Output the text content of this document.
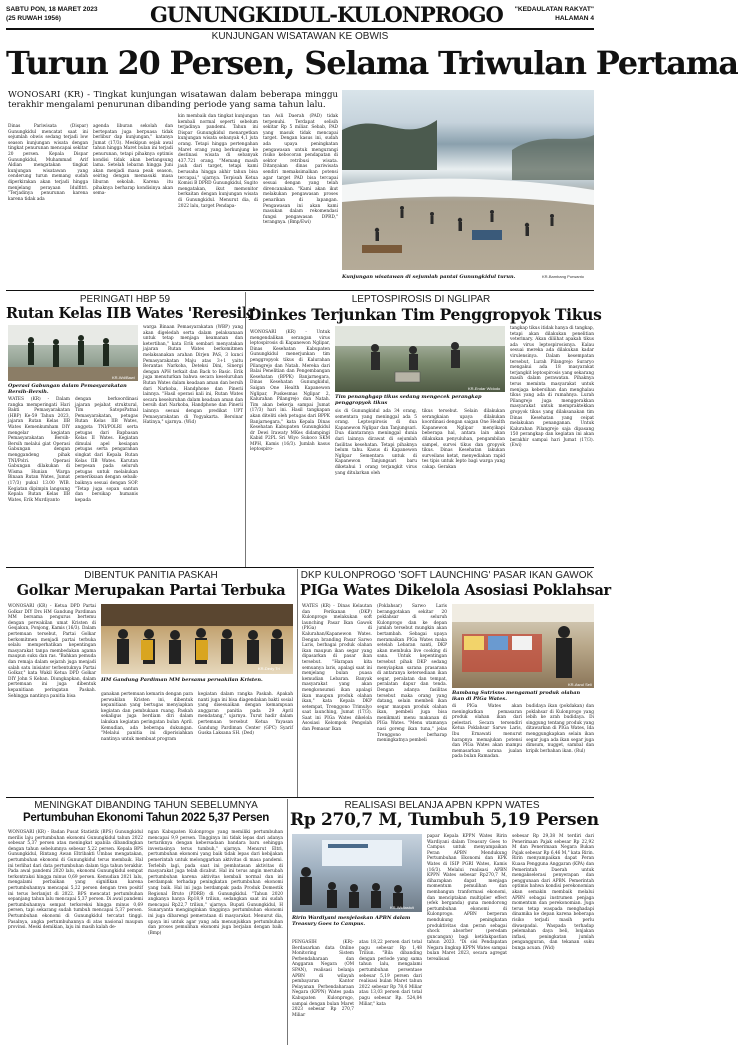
SABTU PON, 18 MARET 2023
(25 RUWAH 1956)	GUNUNGKIDUL-KULONPROGO "KEDAULATAN RAKYAT"
HALAMAN 4
KUNJUNGAN WISATAWAN KE OBWIS
Turun 20 Persen, Selama Triwulan Pertama
WONOSARI (KR) - Tingkat kunjungan wisatawan dalam beberapa minggu terakhir mengalami penurunan dibanding periode yang sama tahun lalu.
Dinas Pariwisata (Dispar) Gunungkidul mencatat saat ini sejumlah obwis sedang terjadi low season kunjungan wisata dengan tingkat penurunan mencapai sekitar 20 persen. Kepala Dispar Gunungkidul, Muhammad Arif Aldian mengatakan tingkat kunjungan wisatawan yang cenderung turun memang sudah diperkirakan akan terjadi hingga menjelang perayaan Idulfitri. "Terjadinya penurunan karena karena tidak ada
agenda liburan sekolah dan bertepatan juga berpuasa tidak berlibur dap kunjungan," katanya Jumat (17/3). Meskipun sejak awal tahun hingga Maret bulan ini terjadi penurunan, tetapi pihaknya optimis kondisi tidak akan berlangsung lama. Setelah lebaran hingga Juni akan menjadi masa peak season, seiring dengan memasuki masa liburan sekolah. Karena itu pihaknya berharap kondisinya akan sema-
kin membaik dan tingkat kunjungan kembali normal seperti sebelum terjadinya pandemi. Tahun ini Dispar Gunungkidul menargetkan kunjungan wisata sebanyak 4,1 juta orang. Tetapi hingga pertengahan Maret orang yang berkunjung ke destinasi wisata di sebanyak 437.721 orang. "Memang masih jauh dari target, tetapi kami berusaha hingga akhir tahun bisa tercapai," ujarnya. Terpisah Ketua Komisi B DPRD Gunungkidul, Sugito mengatakan, ikut memonitor berkaitan dengan kunjungan wisata di Gunungkidul. Menurut dia, di 2022 lalu, target Pendapa-
tan Asli Daerah (PAD) tidak terpenuhi. Terdapat selisih sekitar Rp 5 miliar. Sebab, PAD yang masuk tidak mencapai target. Dengan kasus ini, sudah ada upaya peningkatan pengawasan untuk mengurangi risiko kebocoran pendapatan di sektor retribusi wisata. Ditanyakan dinas pariwisata sendiri memaksimalkan potensi agar target PAD bisa tercapai sesuai dengan yang telah direncanakan. "Kami akan ikut melakukan pengawasan proses penarikan di lapangan. Pengawasan ini akan kami masukan dalam rekomendasi fungsi pengawasan DPRD," terangnya. (Bmp/Ewi)
Kunjungan wisatawan di sejumlah pantai Gunungkidul turun.	KR-Bambang Purwanto
PERINGATI HBP 59
Rutan Kelas IIB Wates 'Reresik'
KR-Wd/Bawi
Operasi Gabungan dalam Pemasyarakatan Bersih-Bersih.
WATES (KR) - Dalam rangka memperingati Hari Bakti Pemasyarakatan (HBP) Ke-59 Tahun 2023, jajaran Rutan Kelas IIB Wates Kemenkumham DIY mengelar kegiatan Pemasyarakatan Bersih-Bersih melalui giat Operasi Gabungan dengan menggandeng pihak TNI/Polri. Operasi Gabungan dilakukan di Wisma Hunian Warga Binaan Rutan Wates, Jumat (17/3) pukul 13.00 WIB. Kegiatan dipimpin langsung Kepala Rutan Kelas IIB Wates, Erik Murdiyanto
dengan berkoordinasi jajaran pejabat struktural, Tim SatopsPatnal Pemasyarakatan, petugas Rutan Kelas IIB Wates, anggota TNI/POLRI serta petugas dari Bapbasan Kelas II Wates. Kegiatan dimulai apel kesiapan petugas serta pengarahan singkat dari Kepala Rutan Kelas IIB Wates. Karutan berpesan pada seluruh petugas untuk melakukan pemeriksaan dengan sebaik-baiknya sesuai dengan SOP. "Tetap juga sopan santun dan bersikap humanis kepada
warga Binaan Pemasyarakatan (WBP) yang akan digeledah serta dalam pelaksanaan untuk tetap menjaga keamanan dan ketertiban," kata Erik sembari menyatakan jajaran Rutan Wates berkomitmen melaksanakan arahan Dirjen PAS, 3 kunci Pemasyarakatan Maju atas 3+1 yaitu Berantas Narkoba, Deteksi Dini, Sinergi dengan APH terkait dan Back to Basic. Erik juga menuturkan bahwa secara keseluruhan Rutan Wates dalam keadaan aman dan bersih dari Narkoba, Handphone dan Pinerii lainnya. "Hasil operasi kali ini, Rutan Wates secara keseluruhan dalam keadaan aman dan bersih dari Narkoba, Handphone dan Pinerii lainnya sesuai dengan predikat UPT Pemasyarakatan di Yogyakarta. Bersinar Hatinya," ujarnya. (Wid)
LEPTOSPIROSIS DI NGLIPAR
Dinkes Terjunkan Tim Penggropyok Tikus
WONOSARI (KR) - Untuk mengendalikan serangan virus leptospirosis di Kapanewon Nglipar, Dinas Kesehatan Kabupaten Gunungkidul menerjunkan tim penggropyok tikus di Kalurahan Pilangrejo dan Natah. Mereka dari Balai Penelitian dan Pengembangan Kesehatan (BPPK) Banjarnegara, Dinas Kesehatan Gunungkidul, Saigan One Health Kapanewon Nglipar, Puskesmas Nglipar 2, Kalurahan Pilangrejo dan Natah. Tim akan bekerja sampai Jumat (17/3) hari ini. Hasil tangkapan akan diteliti oleh petugas dari BPPK Banjarnegara," kata Kepala Dinas Kesehatan Kabupaten Gunungkidul dr Dewi Irawaty MKes didampingi Kabid P2PL Sri Wiyo Sukoco SKM MPH, Kamis (16/3). Jumlah kasus leptospiro-
KR-Endar Widodo
Tim penanghgap tikus sedang mengecek perangkap penggropyok tikus
sis di Gunungkidul ada 34 orang, sementara yang meninggal ada 5 orang. Leptospirosis di dua Kapanewon Nglipar dan Tanjungsari. Dua diantaranya meninggal dunia dari lainnya dirawat di sejumlah fasilitas kesehatan. Tetapi pihaknya belum tahu. Kasus di Kapanewon Nglipar Sementara untuk di Kapanewon Tanjungsari baru diketahui 1 orang terjangkit virus yang ditularkan oleh
tikus tersebut. Selain dilakukan serangkaian upaya dilakukan koordinasi dengan saigan One Health Kapanewon Nglipar menyikapi beberapa hal, antara lain akan dilakukan penyuluhan, pengambilan sampel, survei tikus dan gropyok tikus. Dinas Kesehatan lakukan surveilans ketat, menyediakan rapid tes tipis untuk Iepto bagi warga yang cakap. Gerakan
tangkap tikus itidak hanya di tangkap, tetapi akan dilakukan penelitian veterinary. Akan diliihat apakah tikus ada virus leptospirosisnya. Kalau sesuai mereka ada dilakukan kadar virulensinya. Dalam kesempatan tersebut, Lurah Pilangrejo Suraryo mengakui ada 18 masyarakat terjangkit leptospirosis yang sekarang masih dalam perawatan. Pihaknya terus meminta masyarakat untuk menjaga kebersihan dan menghalau tikus yang ada di rumahnya. Lurah Pilangrejo juga menggerakkan masyarakat untuk mempraktekkan gropyok tikus yang dilaksanakan tim Dinas Kesehatan yang ceipat melakukan penanganan. Untuk Kalurahan Pilangrejo saja dipasang 150 perangkap dan kegiatan ini akan berakhir sampai hari Jumat (17/3). (Ewi)
DIBENTUK PANITIA PASKAH
Golkar Merupakan Partai Terbuka
WONOSARI (KR) - Ketua DPD Partai Golkar DIY Drs HM Gandung Pardiman MM bersama pengurus bertemu dengan perwakilan umat Kristen di Gesjakun, Ponjong, Kamis (16/3). Dalam pertemuan tersebut, Partai Golkar berkomitmen menjadi partai terbuka selalu memperhatikan kepentingan masyarakat tanpa membedakan agama maupun suku dan ras. "Bahkan pemuda dan remaja dalam sejarah juga menjadi salah satu inisiator terbentuknya Partai Golkar," kata Wakil Ketua DPD Golkar DIY John S Keban. Diungkapkan, dalam pertemuan ini juga dibentuk kepanitiaan peringatan Paskah. Sehingga nantinya panitia bisa
KR-Dedy Tri
HM Gandung Pardiman MM bersama perwakilan Kristen.
ganakan pertemuan kemarin dengan para perwakilan Kristen ini, dibentuk kepanitiaan yang bertugas menyiapkan kegiatan dan pembukaan ruang. Paskah sekaligus juga berdiam diri dalam lakukan kegiatan peringatan bulan April. Kemudian, ada beberapa dukungan. "Melalui panitia ini diperisiahkan nantinya untuk membuat program
kegiatan dalam rangka Paskah. Apakah nanti juga ini bisa diagendakan bakti sosial yang disesuaikan dengan kemampuan anggaran panitia pada 29 April mendatang," ujarnya. Turut hadir dalam pertemuan tersebut Ketua Yayasan Gandung Pardiman Center (GPC) Syarif Guska Laksana SH. (Ded)
DKP KULONPROGO 'SOFT LAUNCHING' PASAR IKAN GAWOK
PIGa Wates Dikelola Asosiasi Poklahsar
WATES (KR) - Dinas Kelautan dan Perikanan (DKP) Kulonprogo melakukan soft launching Pasar Ikan Gawok (PIGa) di Kalurahan/Kapanewon Wates. Dengan branding Pasar Sarwo Laris, berbagai produk olahan ikan maupun ikan segar yang dipasarkan di pasar ikan tersebut. "Harapan kita semuanya laris, apalagi saat ini menjelang bulan puasa kemudian Lebaran. Banyak masyarakat yang akan mengkonsumsi ikan apalagi ikan maupun produk olahan ikan," kata Kepala DKP setempat, Trenggono Trimulyo saat launching, Jumat (17/3). Saat ini PIGa Wates dikelola Asosiasi Kelompok Pengolah dan Pemasar Ikan
(Poklahsar) Sarwo Laris beranggotakan sekitar 20 poklahsar di seluruh Kulonprogo dan ke depan jumlah tersebut mungkin akan bertambah. Sebagai upaya meramaikan PIGa Wates maka setelah Lebaran nanti, DKP akan membuka live cooking di sana. Untuk kepentingan tersebut pihak DKP sedang menyiapkan sarana prasarana di antaranya ketersediaan ikan segar, peralatan dan tempat, peralatan dapur dan tenda. Dengan adanya fasilitas tersebut maka orang yang datang, selain membeli ikan segar maupun produk olahan ikan, pembeli juga bisa menikmati menu makanan di PIGa Wates. "Menu utamanya nasi goreng ikan tuna," jelas Trenggono berharap meningkatnya pembeli
KR-Asrul Seli
Bambang Sutrisno mengamati produk olahan ikan di PIGa Wates.
di PIGa Wates akan meningkatkan pemasaran produk olahan ikan dari pelestari. Secara tersendiri Ketua Poklahsar Sarwo Laris, Ibu Ernawati menurut harapnya memajukan potensi dan PIGa Wates akan mampu memasarkan sarana jualan pada bulan Ramadan.
budidaya ikan (pokdakan) dan poklahsar di Kulonprogo yang lebih ke arah budidaya. Di singgung tentang produk yang ditawarkan di PIGa Wates, Ida menggungkapkan selain ikan segar juga ada ikan segar juga dimsum, nugget, sambal dan kripik berbahan ikan. (Rul)
MENINGKAT DIBANDING TAHUN SEBELUMNYA
Pertumbuhan Ekonomi Tahun 2022 5,37 Persen
WONOSARI (KR) - Badan Pusat Statistik (BPS) Gunungkidul merilis laju pertumbuhan ekonomi Gunungkidul tahun 2022 sebesar 5,37 persen atau meningkat apabila dibandingkan dengan tahun sebelumnya sebesar 5,22 persen. Kepala BPS Gunungkidul, Rintang Awan Eltribakti Umbas mengatakan, pertumbuhan ekonomi di Gunungkidul terus membaik. Hal ini terlihat dari data pertumbuhan dalam tiga tahun terakhir. Pada awal pandemi 2020 lalu, ekonomi Gunungkidul sempat terkontraksi hingga minus 0,69 persen. Kemudian 2021 lalu, mengalami perbaikan yang signifikan karena pertumbuhannya mencapai 5,22 persen dengan tren positif ini terus berlanjut di 2022. BPS mencatat pertumbuhan sepanjang tahun lalu mencapai 5,37 persen. Di awal pandemi pertumbuhannya sempat terkoreksi hingga minus 0,69 persen, tapi sekarang sudah tumbuh mencapai 5,37 persen. Pertumbuhan ekonomi di Gunungkidul tercatat tinggi. Pasalnya, angka pertumbuhannya di atas nasional maupun provinsi. Meski demikian, laju ini masih kalah de-
ngan Kabupaten Kulonprogo yang memiliki pertumbuhan mencapai 9,9 persen. Tingginya ini tidak lepas dari adanya tertariknya dengan kebersadaan bandara baru sehingga investasinya terus tumbuh," ujarnya. Menurut Eltri, pertumbuhan ekonomi yang baik tidak lepas dari kebijakan pemerintah untuk melonggarkan aktivitas di masa pandemi. Terlebih lagi, pada saat ini pembatasan aktivitas di masyarakat juga telah dicabut. Hal ini terus angin merubah pertumbuhan karena aktivitas kembali normal dan ini berdampak terhadap peningkatan pertumbuhan ekonomi yang baik. Hal ini juga berdampak pada Produk Domestik Regional Bruto (PDRB) di Gunungkidul. "Tahun 2020 angkanya hanya Rp18,9 triliun, sedangkan saat ini sudah mencapai Rp22,7 triliun," ujarnya. Bupati Gunungkidul, H Sunaryanta menginginkan tingginya pertumbuhan ekonomi ini juga dibarengi pemerataan di masyarakat. Menurut dia, upaya ini untuk agar yang ada menunjukkan pertumbuhan dan proses pemulihan ekonomi juga berjalan dengan baik. (Bmp)
REALISASI BELANJA APBN KPPN WATES
Rp 270,7 M, Tumbuh 5,19 Persen
KR-Widiastuti
Ririn Wardiyani menjelaskan APBN dalam Treasury Goes to Campus.
PENGASIH (KR)-Berdasarkan data Online Monitoring Sistem Perbendaharaan dan Anggaran Negara (OM SPAN), realisasi belanja APBN di wilayah pembayaran Kantor Pelayanan Perbendaharaan Negara (KPPN) Wates pada Kabupaten Kulonprogo, sampai dengan bulan Maret 2023 sebesar Rp 270,7 Miliar
atau 18,22 persen dari total pagu sebesar Rp 1,48 Triliun. "Bila dibanding dengan periode yang sama tahun lalu, mengalami pertumbuhan persentase sebesar 5,19 persen dari realisasi bulan Maret tahun 2022 sebesar Rp 78,6 Miliar atau 13,03 persen dari total pagu sebesar Rp. 524,84 Miliar," kata
papar Kepala KPPN Wates Ririn Wardiyani dalam Treasury Goes to Campus untuk menyampaikan Peran APBN Mendukung Pertumbuhan Ekonomi dan KPK Wates di ISIP PGRI Wates, Kamis (16/3). Melalui realisasi APBN KPPN Wates sebesar Rp270,7 M, diharapkan dapat menjaga momentum pemulihan dan membangun tranformasi ekonomi, dan menciptakan multiplier effect (efek berganda) guna mendorong pertumbuhan ekonomi di Kulonprogo. APBN berperan mendukung peningkatan produktivitas dan peran sebagai shock absorber (peredam guncangan) bagi ketidakpastian tahun 2023. "Di sisi Pendapatan Negara lingkup KPPN Wates sampai bulan Maret 2023, secara agregat terealisasi
sebesar Rp 29,38 M terdiri dari Penerimaan Pajak sebesar Rp 22,92 M dan Penerimaan Negara Bukan Pajak sebesar Rp 6,46 M," kata Ririn. Ririn menyampaikan dapat Peran Kuasa Pengguna Anggaran (KPA) dan Pemerintah Daerah untuk mengakselerasi penyerapan dan penggunaan dari APBN. Pemerintah optimis bahwa kondisi perekonomian akan semakin membaik melalui APBN sebagai instrumen penjaga momentum dan perekonomian. Juga terus tetap waspada menghadapi dinamika ke depan karena beberapa risiko terjadi masih perlu diwaspadai. Waspada terhadap pelemahan daya beli, lonjakan inflasi, peningkatan jumlah pengangguran, dan tekanan suku bunga acuan. (Wid)
